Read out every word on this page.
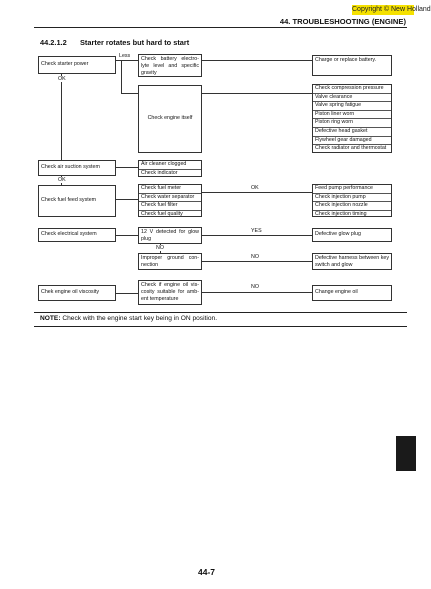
Copyright © New Holland
44. TROUBLESHOOTING (ENGINE)
44.2.1.2 Starter rotates but hard to start
Check starter power
Less	Check battery electro-lyte level and specific gravity
Charge or replace battery.
OK
Check engine itself
Check compression pressure
Valve clearance
Valve spring fatigue
Piston liner worn
Piston ring worn
Defective head gasket
Flywheel gear damaged
Check radiator and thermostat
Check air suction system
Air cleaner clogged
Check indicator
OK
Check fuel feed system
Check fuel meter
Check water separator
Check fuel filter
Check fuel quality
OK	Feed pump performance
Check injection pump
Check injection nozzle
Check injection timing
Check electrical system	12 V detected for glow plug
YES
Defective glow plug
NO
Improper ground con-nection
NO	Defective harness between key switch and glow
Chek engine oil viscosity
Check if engine oil vis-cosity suitable for amb-ent temperature
NO
Change engine oil
NOTE: Check with the engine start key being in ON position.
44-7
